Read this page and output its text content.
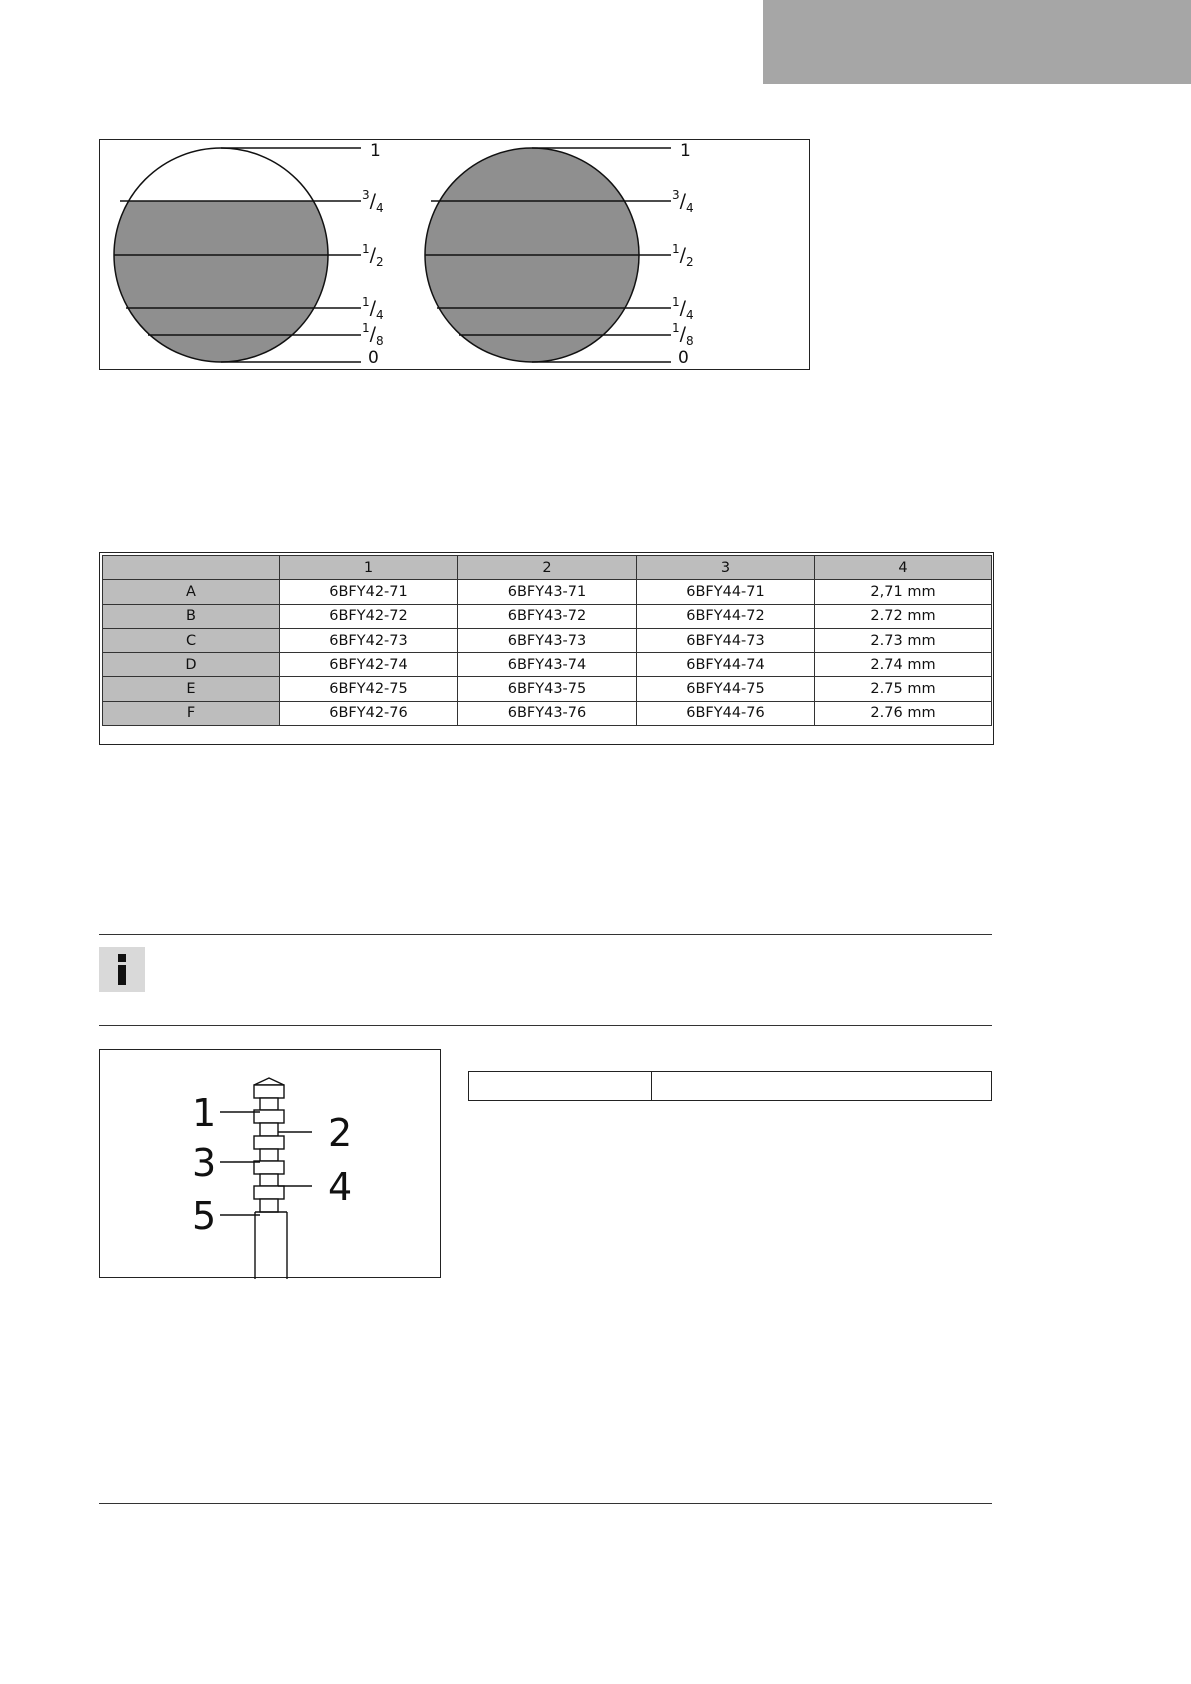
1
$^3/_4$
$^1/_2$
$^1/_4$
$^1/_8$
0
1
$^3/_4$
$^1/_2$
$^1/_4$
$^1/_8$
0
	1	2	3	4
A	6BFY42-71	6BFY43-71	6BFY44-71	2,71 mm
B	6BFY42-72	6BFY43-72	6BFY44-72	2.72 mm
C	6BFY42-73	6BFY43-73	6BFY44-73	2.73 mm
D	6BFY42-74	6BFY43-74	6BFY44-74	2.74 mm
E	6BFY42-75	6BFY43-75	6BFY44-75	2.75 mm
F	6BFY42-76	6BFY43-76	6BFY44-76	2.76 mm
1	2
3
4
5
